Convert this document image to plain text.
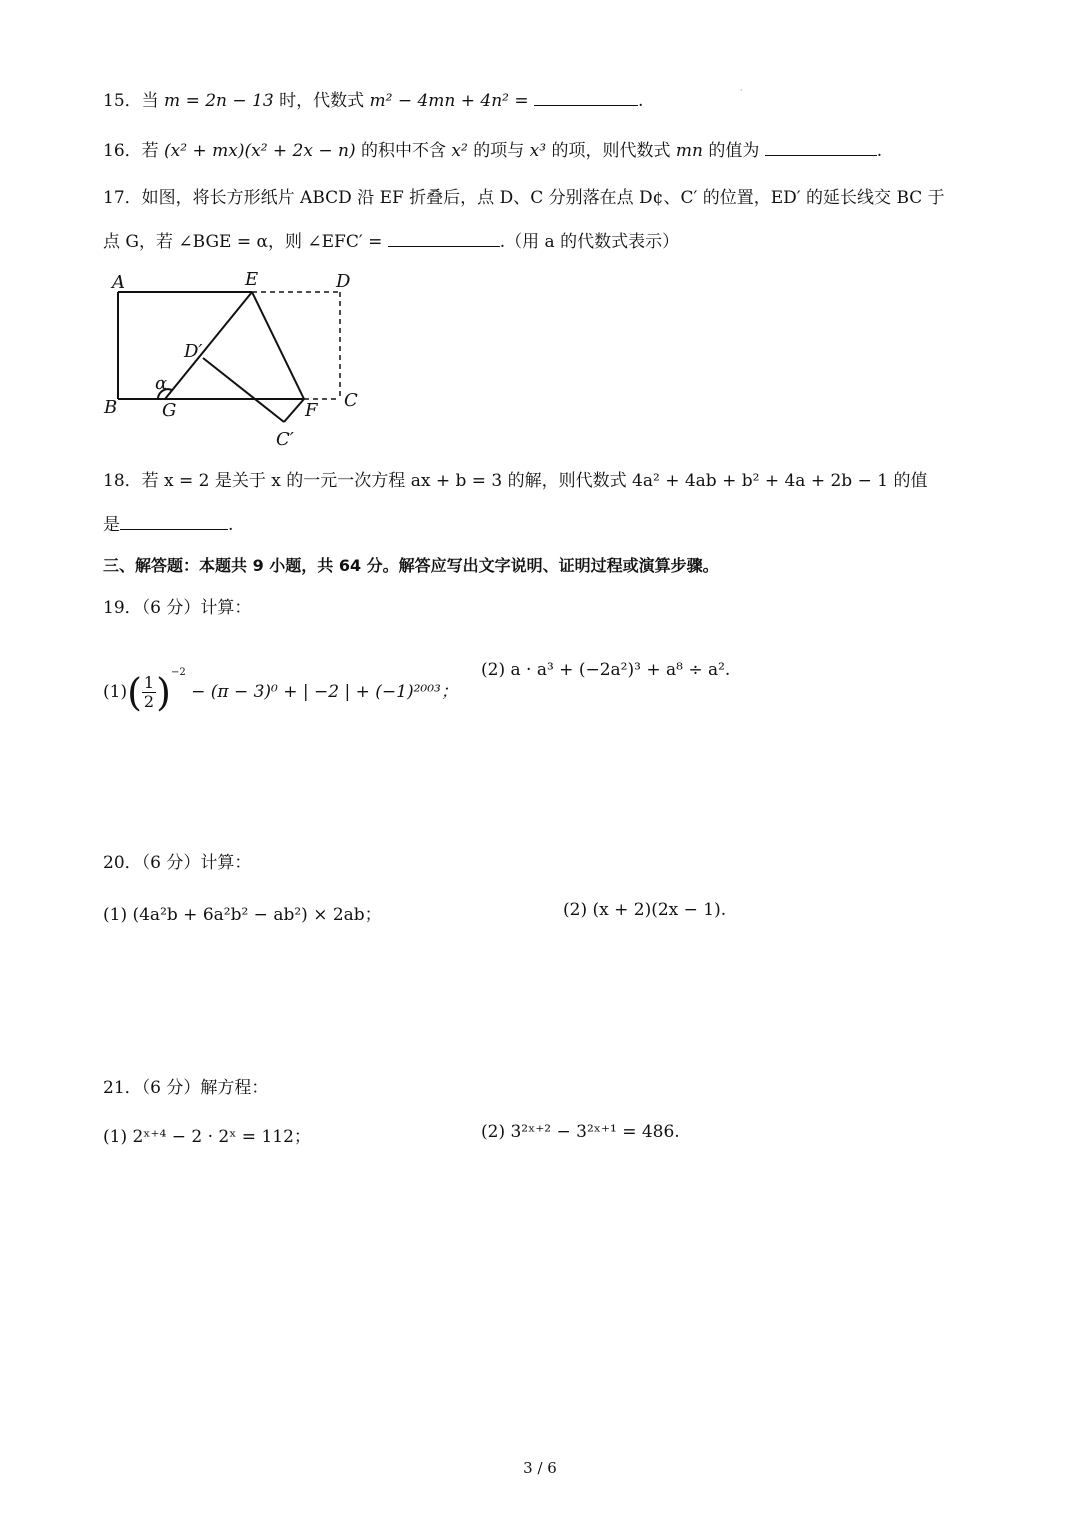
·
15．当 m = 2n − 13 时，代数式 m² − 4mn + 4n² =	.
16．若 (x² + mx)(x² + 2x − n) 的积中不含 x² 的项与 x³ 的项，则代数式 mn 的值为	.
17．如图，将长方形纸片 ABCD 沿 EF 折叠后，点 D、C 分别落在点 D¢、C′ 的位置，ED′ 的延长线交 BC 于
点 G，若 ∠BGE = α，则 ∠EFC′ =	.（用 a 的代数式表示）
A	E	D
D′
α
B G	F C
C′
18．若 x = 2 是关于 x 的一元一次方程 ax + b = 3 的解，则代数式 4a² + 4ab + b² + 4a + 2b − 1 的值
是	.
三、解答题：本题共 9 小题，共 64 分。解答应写出文字说明、证明过程或演算步骤。
19．（6 分）计算：
$(1)( \frac{1}{2} )^{-2} - (\pi - 3)^0$ + | −2 | + (−1)²⁰⁰³；
(2) a · a³ + (−2a²)³ + a⁸ ÷ a².
20．（6 分）计算：
(1) (4a²b + 6a²b² − ab²) × 2ab；	(2) (x + 2)(2x − 1).
21．（6 分）解方程：
(1) 2ˣ⁺⁴ − 2 · 2ˣ = 112；	(2) 3²ˣ⁺² − 3²ˣ⁺¹ = 486.
3 / 6
